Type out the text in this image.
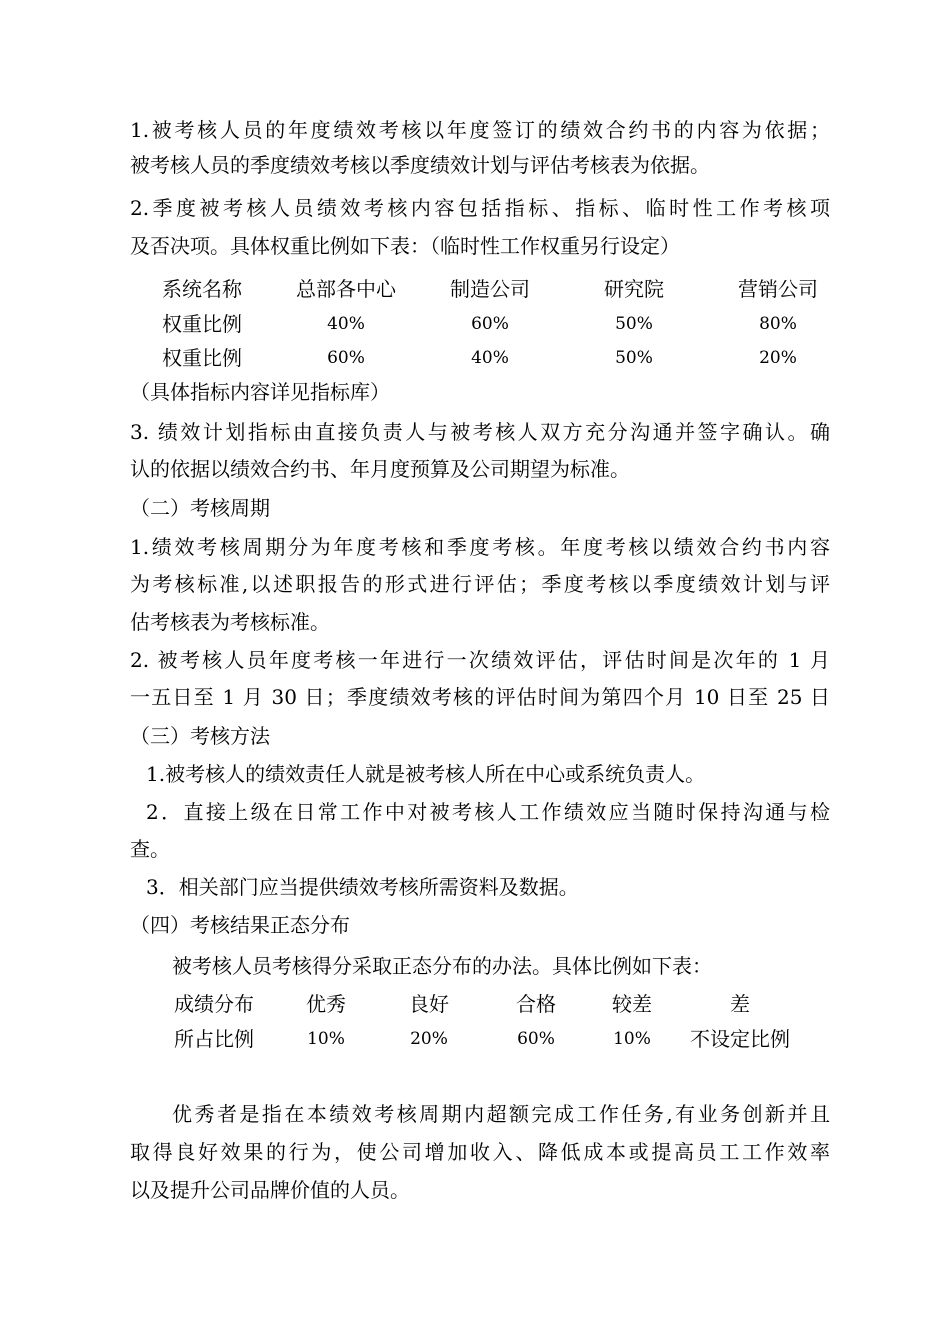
1.被考核人员的年度绩效考核以年度签订的绩效合约书的内容为依据；
被考核人员的季度绩效考核以季度绩效计划与评估考核表为依据。
2.季度被考核人员绩效考核内容包括指标、指标、临时性工作考核项
及否决项。具体权重比例如下表：（临时性工作权重另行设定）
系统名称	总部各中心	制造公司	研究院	营销公司
权重比例	40%	60%	50%	80%
权重比例	60%	40%	50%	20%
（具体指标内容详见指标库）
3. 绩效计划指标由直接负责人与被考核人双方充分沟通并签字确认。确
认的依据以绩效合约书、年月度预算及公司期望为标准。
（二）考核周期
1.绩效考核周期分为年度考核和季度考核。年度考核以绩效合约书内容
为考核标准,以述职报告的形式进行评估；季度考核以季度绩效计划与评
估考核表为考核标准。
2. 被考核人员年度考核一年进行一次绩效评估，评估时间是次年的 1 月
一五日至 1 月 30 日；季度绩效考核的评估时间为第四个月 10 日至 25 日
（三）考核方法
1.被考核人的绩效责任人就是被考核人所在中心或系统负责人。
2．直接上级在日常工作中对被考核人工作绩效应当随时保持沟通与检
查。
3．相关部门应当提供绩效考核所需资料及数据。
（四）考核结果正态分布
被考核人员考核得分采取正态分布的办法。具体比例如下表：
成绩分布	优秀	良好	合格	较差	差
所占比例	10%	20%	60%	10% 不设定比例
优秀者是指在本绩效考核周期内超额完成工作任务,有业务创新并且
取得良好效果的行为，使公司增加收入、降低成本或提高员工工作效率
以及提升公司品牌价值的人员。
